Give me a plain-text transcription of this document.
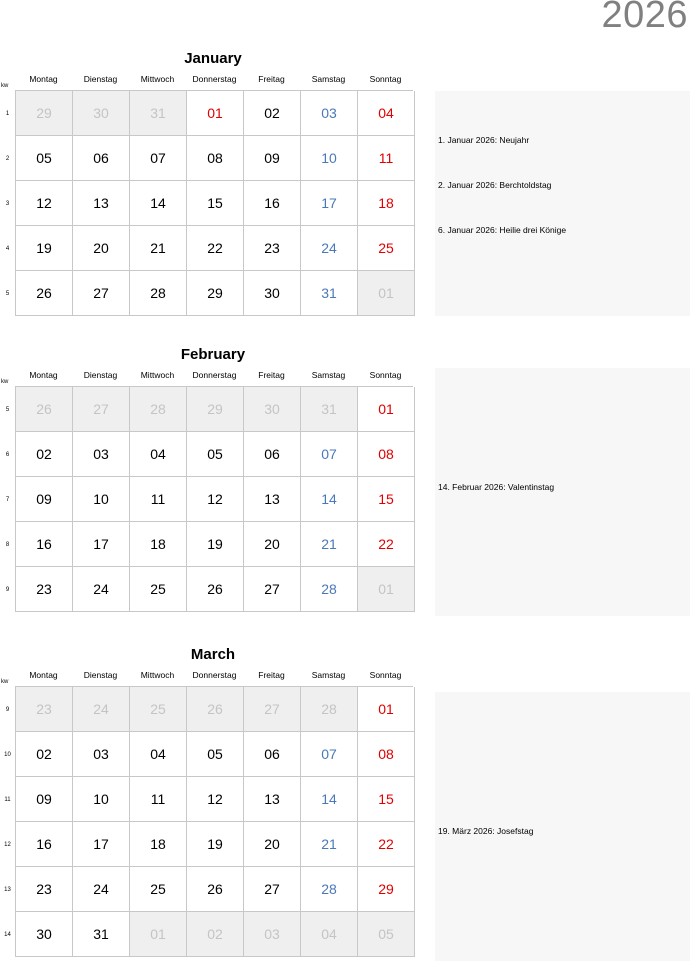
2026
January
Montag	Dienstag	Mittwoch	Donnerstag	Freitag	Samstag	Sonntag
kw
1	29	30	31	01	02	03	04
2	05	06	07	08	09	10	11
3	12	13	14	15	16	17	18
4	19	20	21	22	23	24	25
5	26	27	28	29	30	31	01
1. Januar 2026: Neujahr
2. Januar 2026: Berchtoldstag
6. Januar 2026: Heilie drei Könige
February
Montag	Dienstag	Mittwoch	Donnerstag	Freitag	Samstag	Sonntag
kw
5	26	27	28	29	30	31	01
6	02	03	04	05	06	07	08
7	09	10	11	12	13	14	15
8	16	17	18	19	20	21	22
9	23	24	25	26	27	28	01
14. Februar 2026: Valentinstag
March
Montag	Dienstag	Mittwoch	Donnerstag	Freitag	Samstag	Sonntag
kw
9	23	24	25	26	27	28	01
10	02	03	04	05	06	07	08
11	09	10	11	12	13	14	15
12	16	17	18	19	20	21	22
13	23	24	25	26	27	28	29
14	30	31	01	02	03	04	05
19. März 2026: Josefstag
